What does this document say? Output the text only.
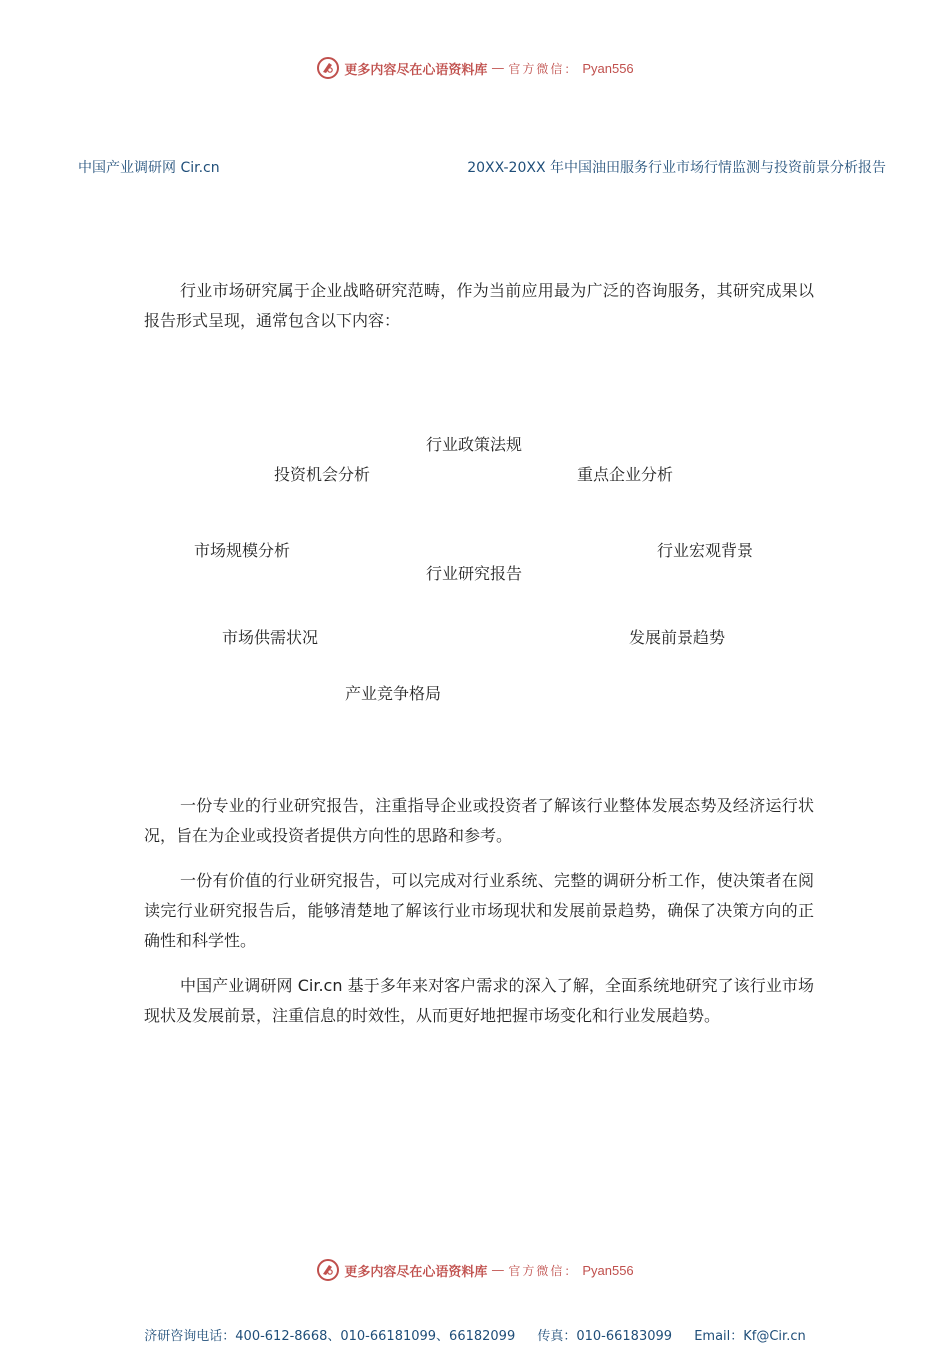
更多内容尽在心语资料库 — 官方微信： Pyan556
中国产业调研网 Cir.cn	20XX-20XX 年中国油田服务行业市场行情监测与投资前景分析报告
行业市场研究属于企业战略研究范畴，作为当前应用最为广泛的咨询服务，其研究成果以报告形式呈现，通常包含以下内容：
行业政策法规
投资机会分析	重点企业分析
市场规模分析	行业宏观背景
行业研究报告
市场供需状况	发展前景趋势
产业竞争格局
一份专业的行业研究报告，注重指导企业或投资者了解该行业整体发展态势及经济运行状况，旨在为企业或投资者提供方向性的思路和参考。
一份有价值的行业研究报告，可以完成对行业系统、完整的调研分析工作，使决策者在阅读完行业研究报告后，能够清楚地了解该行业市场现状和发展前景趋势，确保了决策方向的正确性和科学性。
中国产业调研网 Cir.cn 基于多年来对客户需求的深入了解，全面系统地研究了该行业市场现状及发展前景，注重信息的时效性，从而更好地把握市场变化和行业发展趋势。
更多内容尽在心语资料库 — 官方微信： Pyan556
济研咨询电话：400-612-8668、010-66181099、66182099 传真：010-66183099 Email：Kf@Cir.cn
